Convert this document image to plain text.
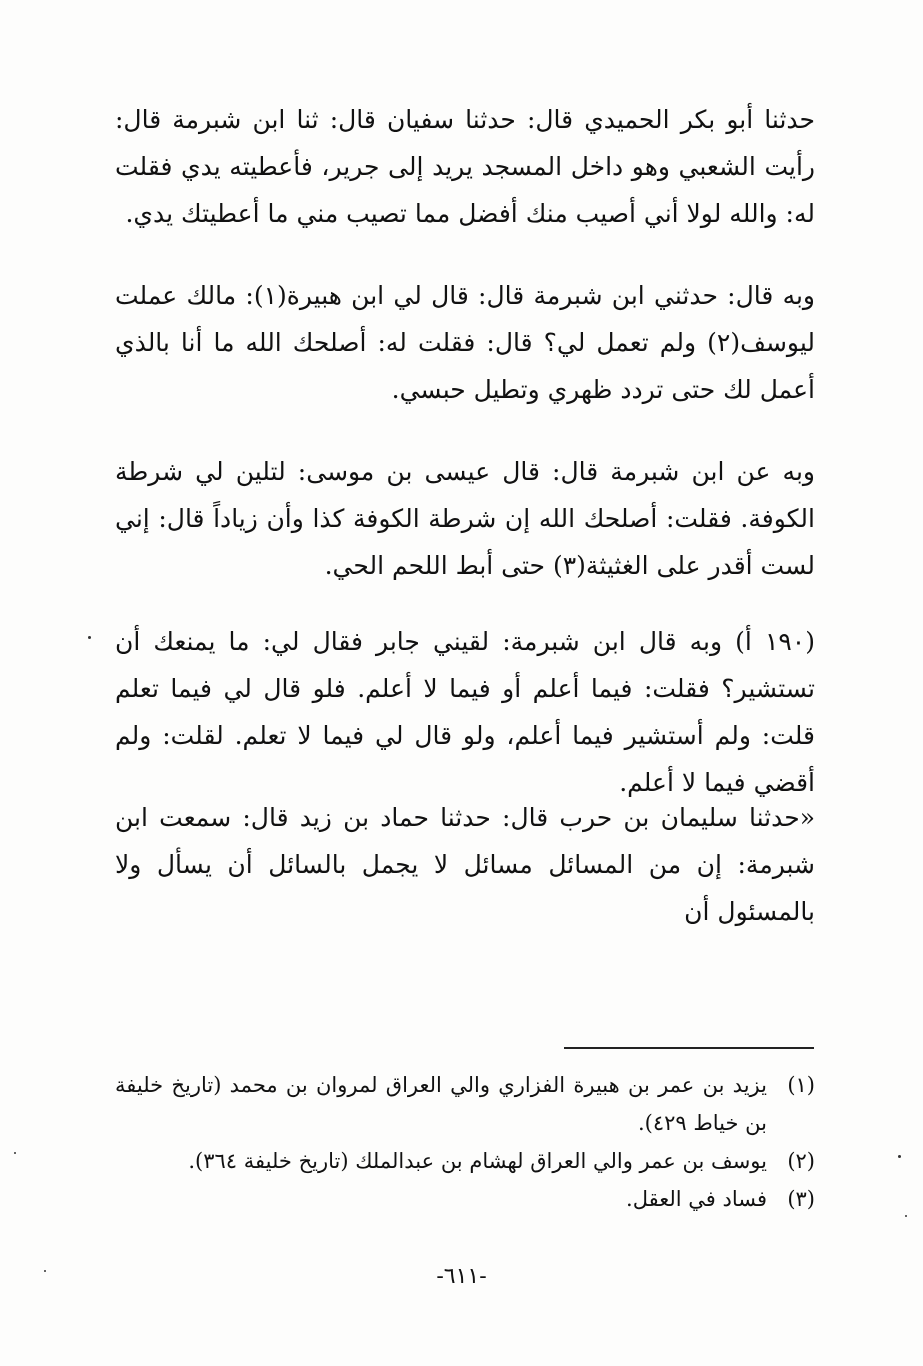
حدثنا أبو بكر الحميدي قال: حدثنا سفيان قال: ثنا ابن شبرمة قال: رأيت الشعبي وهو داخل المسجد يريد إلى جرير، فأعطيته يدي فقلت له: والله لولا أني أصيب منك أفضل مما تصيب مني ما أعطيتك يدي.
وبه قال: حدثني ابن شبرمة قال: قال لي ابن هبيرة(١): مالك عملت ليوسف(٢) ولم تعمل لي؟ قال: فقلت له: أصلحك الله ما أنا بالذي أعمل لك حتى تردد ظهري وتطيل حبسي.
وبه عن ابن شبرمة قال: قال عيسى بن موسى: لتلين لي شرطة الكوفة. فقلت: أصلحك الله إن شرطة الكوفة كذا وأن زياداً قال: إني لست أقدر على الغثيثة(٣) حتى أبط اللحم الحي.
(١٩٠ أ) وبه قال ابن شبرمة: لقيني جابر فقال لي: ما يمنعك أن تستشير؟ فقلت: فيما أعلم أو فيما لا أعلم. فلو قال لي فيما تعلم قلت: ولم أستشير فيما أعلم، ولو قال لي فيما لا تعلم. لقلت: ولم أقضي فيما لا أعلم.
«حدثنا سليمان بن حرب قال: حدثنا حماد بن زيد قال: سمعت ابن شبرمة: إن من المسائل مسائل لا يجمل بالسائل أن يسأل ولا بالمسئول أن
(١)
يزيد بن عمر بن هبيرة الفزاري والي العراق لمروان بن محمد (تاريخ خليفة بن خياط ٤٢٩).
(٢)
يوسف بن عمر والي العراق لهشام بن عبدالملك (تاريخ خليفة ٣٦٤).
(٣)
فساد في العقل.
-٦١١-
